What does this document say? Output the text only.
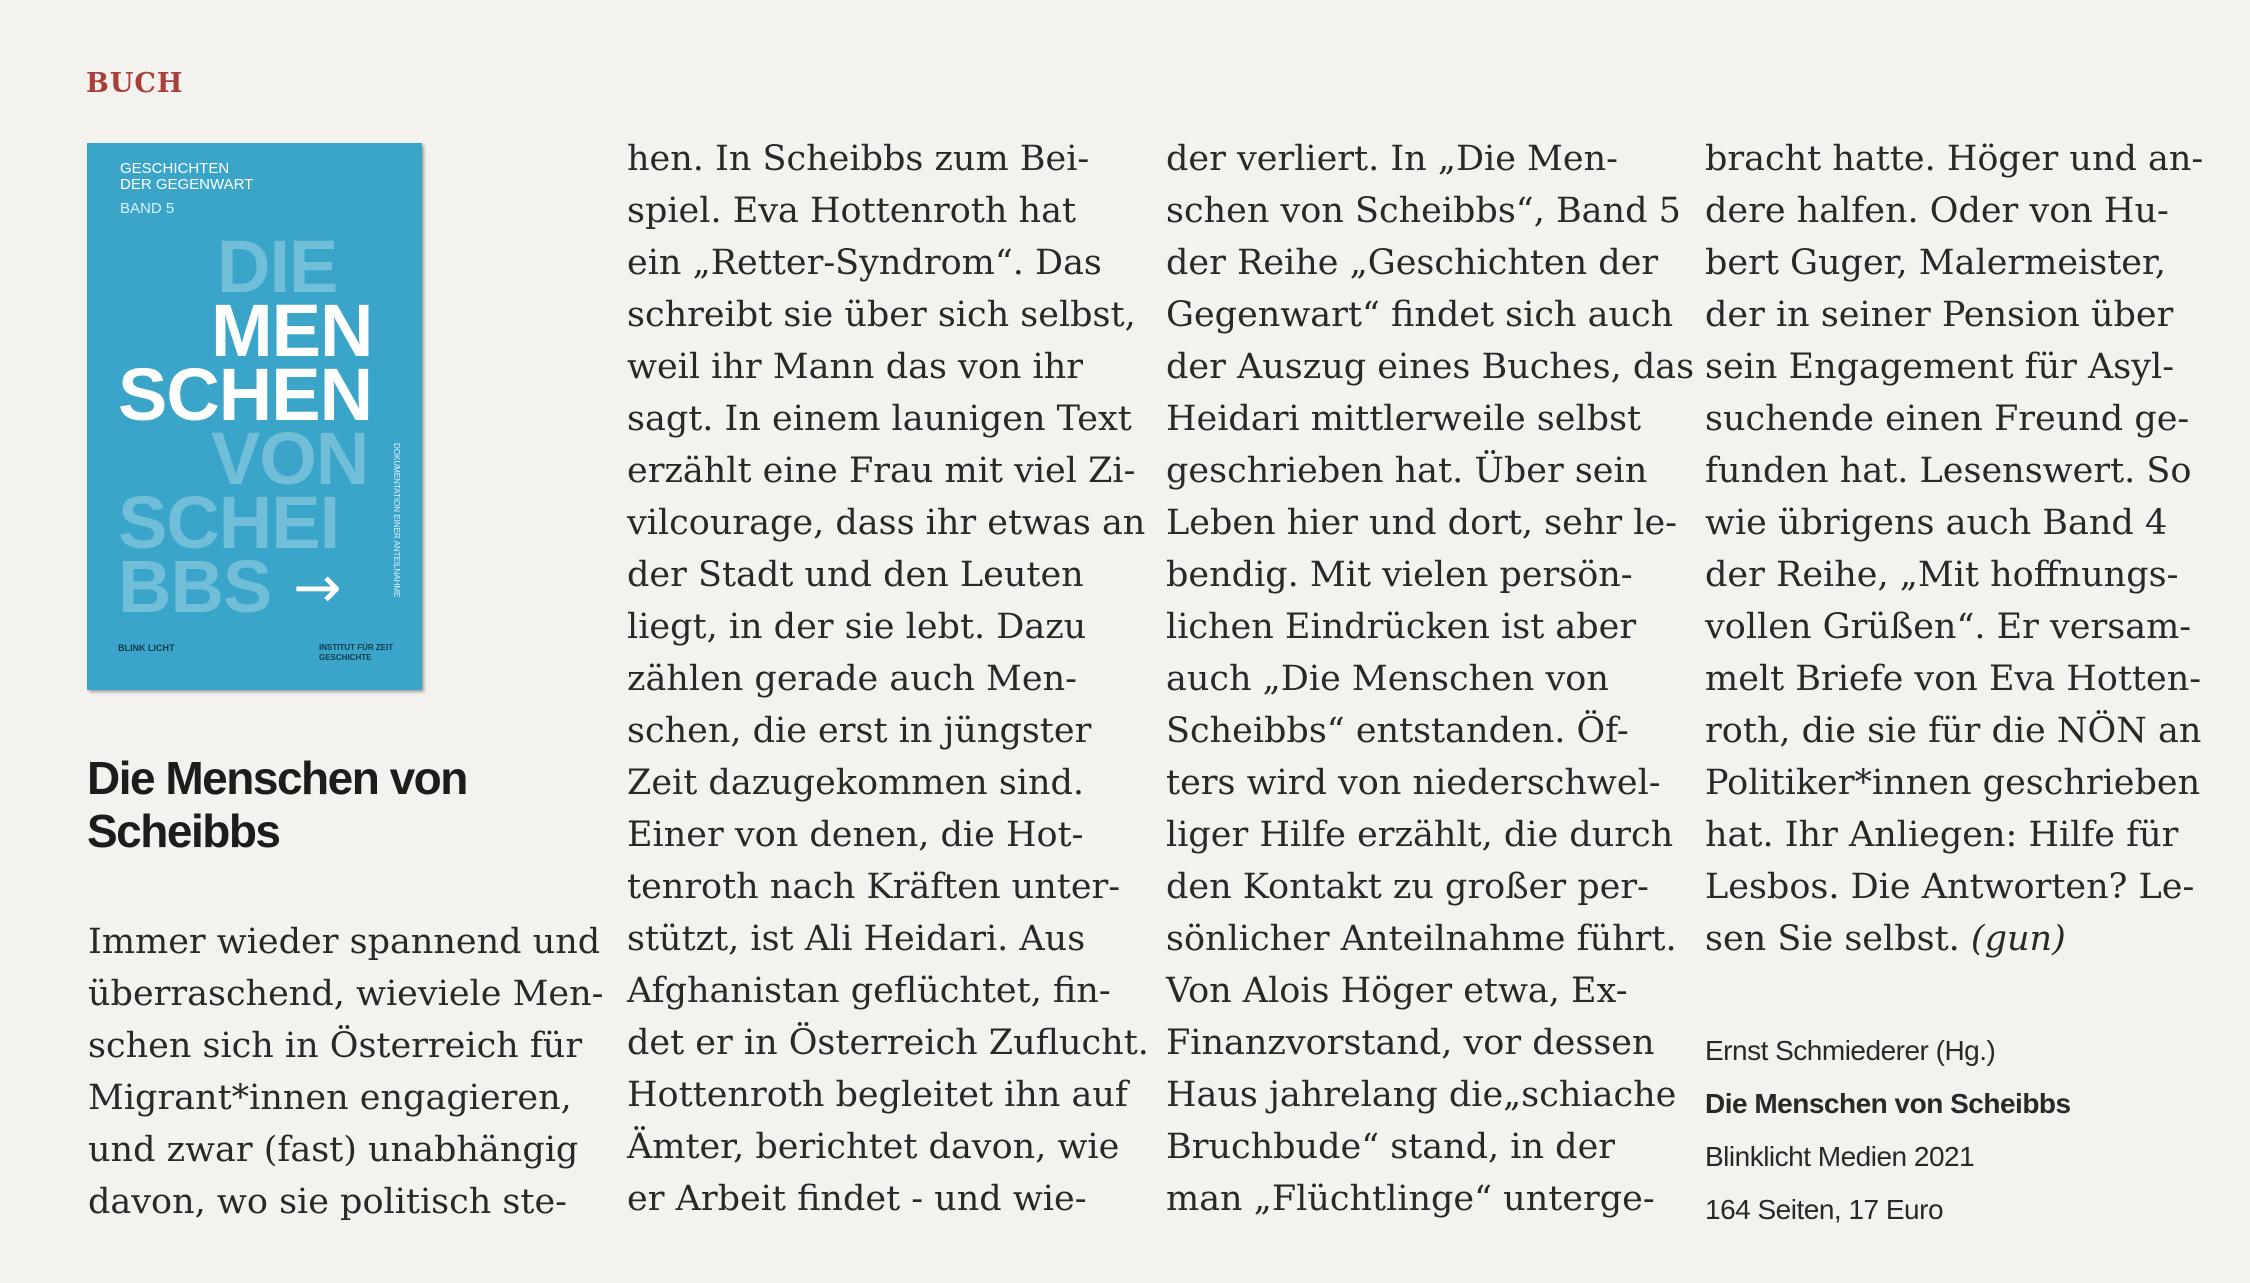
BUCH
GESCHICHTEN
DER GEGENWART
BAND 5
DIE
MEN
SCHEN
VON
SCHEI
BBS →	DOKUMENTATION EINER ANTEILNAHME
BLINK LICHT	INSTITUT FÜR ZEIT GESCHICHTE
Die Menschen von
Scheibbs
Immer wieder spannend und
überraschend, wieviele Men-
schen sich in Österreich für
Migrant*innen engagieren,
und zwar (fast) unabhängig
davon, wo sie politisch ste-
hen. In Scheibbs zum Bei-
spiel. Eva Hottenroth hat
ein „Retter-Syndrom“. Das
schreibt sie über sich selbst,
weil ihr Mann das von ihr
sagt. In einem launigen Text
erzählt eine Frau mit viel Zi-
vilcourage, dass ihr etwas an
der Stadt und den Leuten
liegt, in der sie lebt. Dazu
zählen gerade auch Men-
schen, die erst in jüngster
Zeit dazugekommen sind.
Einer von denen, die Hot-
tenroth nach Kräften unter-
stützt, ist Ali Heidari. Aus
Afghanistan geflüchtet, fin-
det er in Österreich Zuflucht.
Hottenroth begleitet ihn auf
Ämter, berichtet davon, wie
er Arbeit findet - und wie-
der verliert. In „Die Men-
schen von Scheibbs“, Band 5
der Reihe „Geschichten der
Gegenwart“ findet sich auch
der Auszug eines Buches, das
Heidari mittlerweile selbst
geschrieben hat. Über sein
Leben hier und dort, sehr le-
bendig. Mit vielen persön-
lichen Eindrücken ist aber
auch „Die Menschen von
Scheibbs“ entstanden. Öf-
ters wird von niederschwel-
liger Hilfe erzählt, die durch
den Kontakt zu großer per-
sönlicher Anteilnahme führt.
Von Alois Höger etwa, Ex-
Finanzvorstand, vor dessen
Haus jahrelang die„schiache
Bruchbude“ stand, in der
man „Flüchtlinge“ unterge-
bracht hatte. Höger und an-
dere halfen. Oder von Hu-
bert Guger, Malermeister,
der in seiner Pension über
sein Engagement für Asyl-
suchende einen Freund ge-
funden hat. Lesenswert. So
wie übrigens auch Band 4
der Reihe, „Mit hoffnungs-
vollen Grüßen“. Er versam-
melt Briefe von Eva Hotten-
roth, die sie für die NÖN an
Politiker*innen geschrieben
hat. Ihr Anliegen: Hilfe für
Lesbos. Die Antworten? Le-
sen Sie selbst. (gun)
Ernst Schmiederer (Hg.)
Die Menschen von Scheibbs
Blinklicht Medien 2021
164 Seiten, 17 Euro
